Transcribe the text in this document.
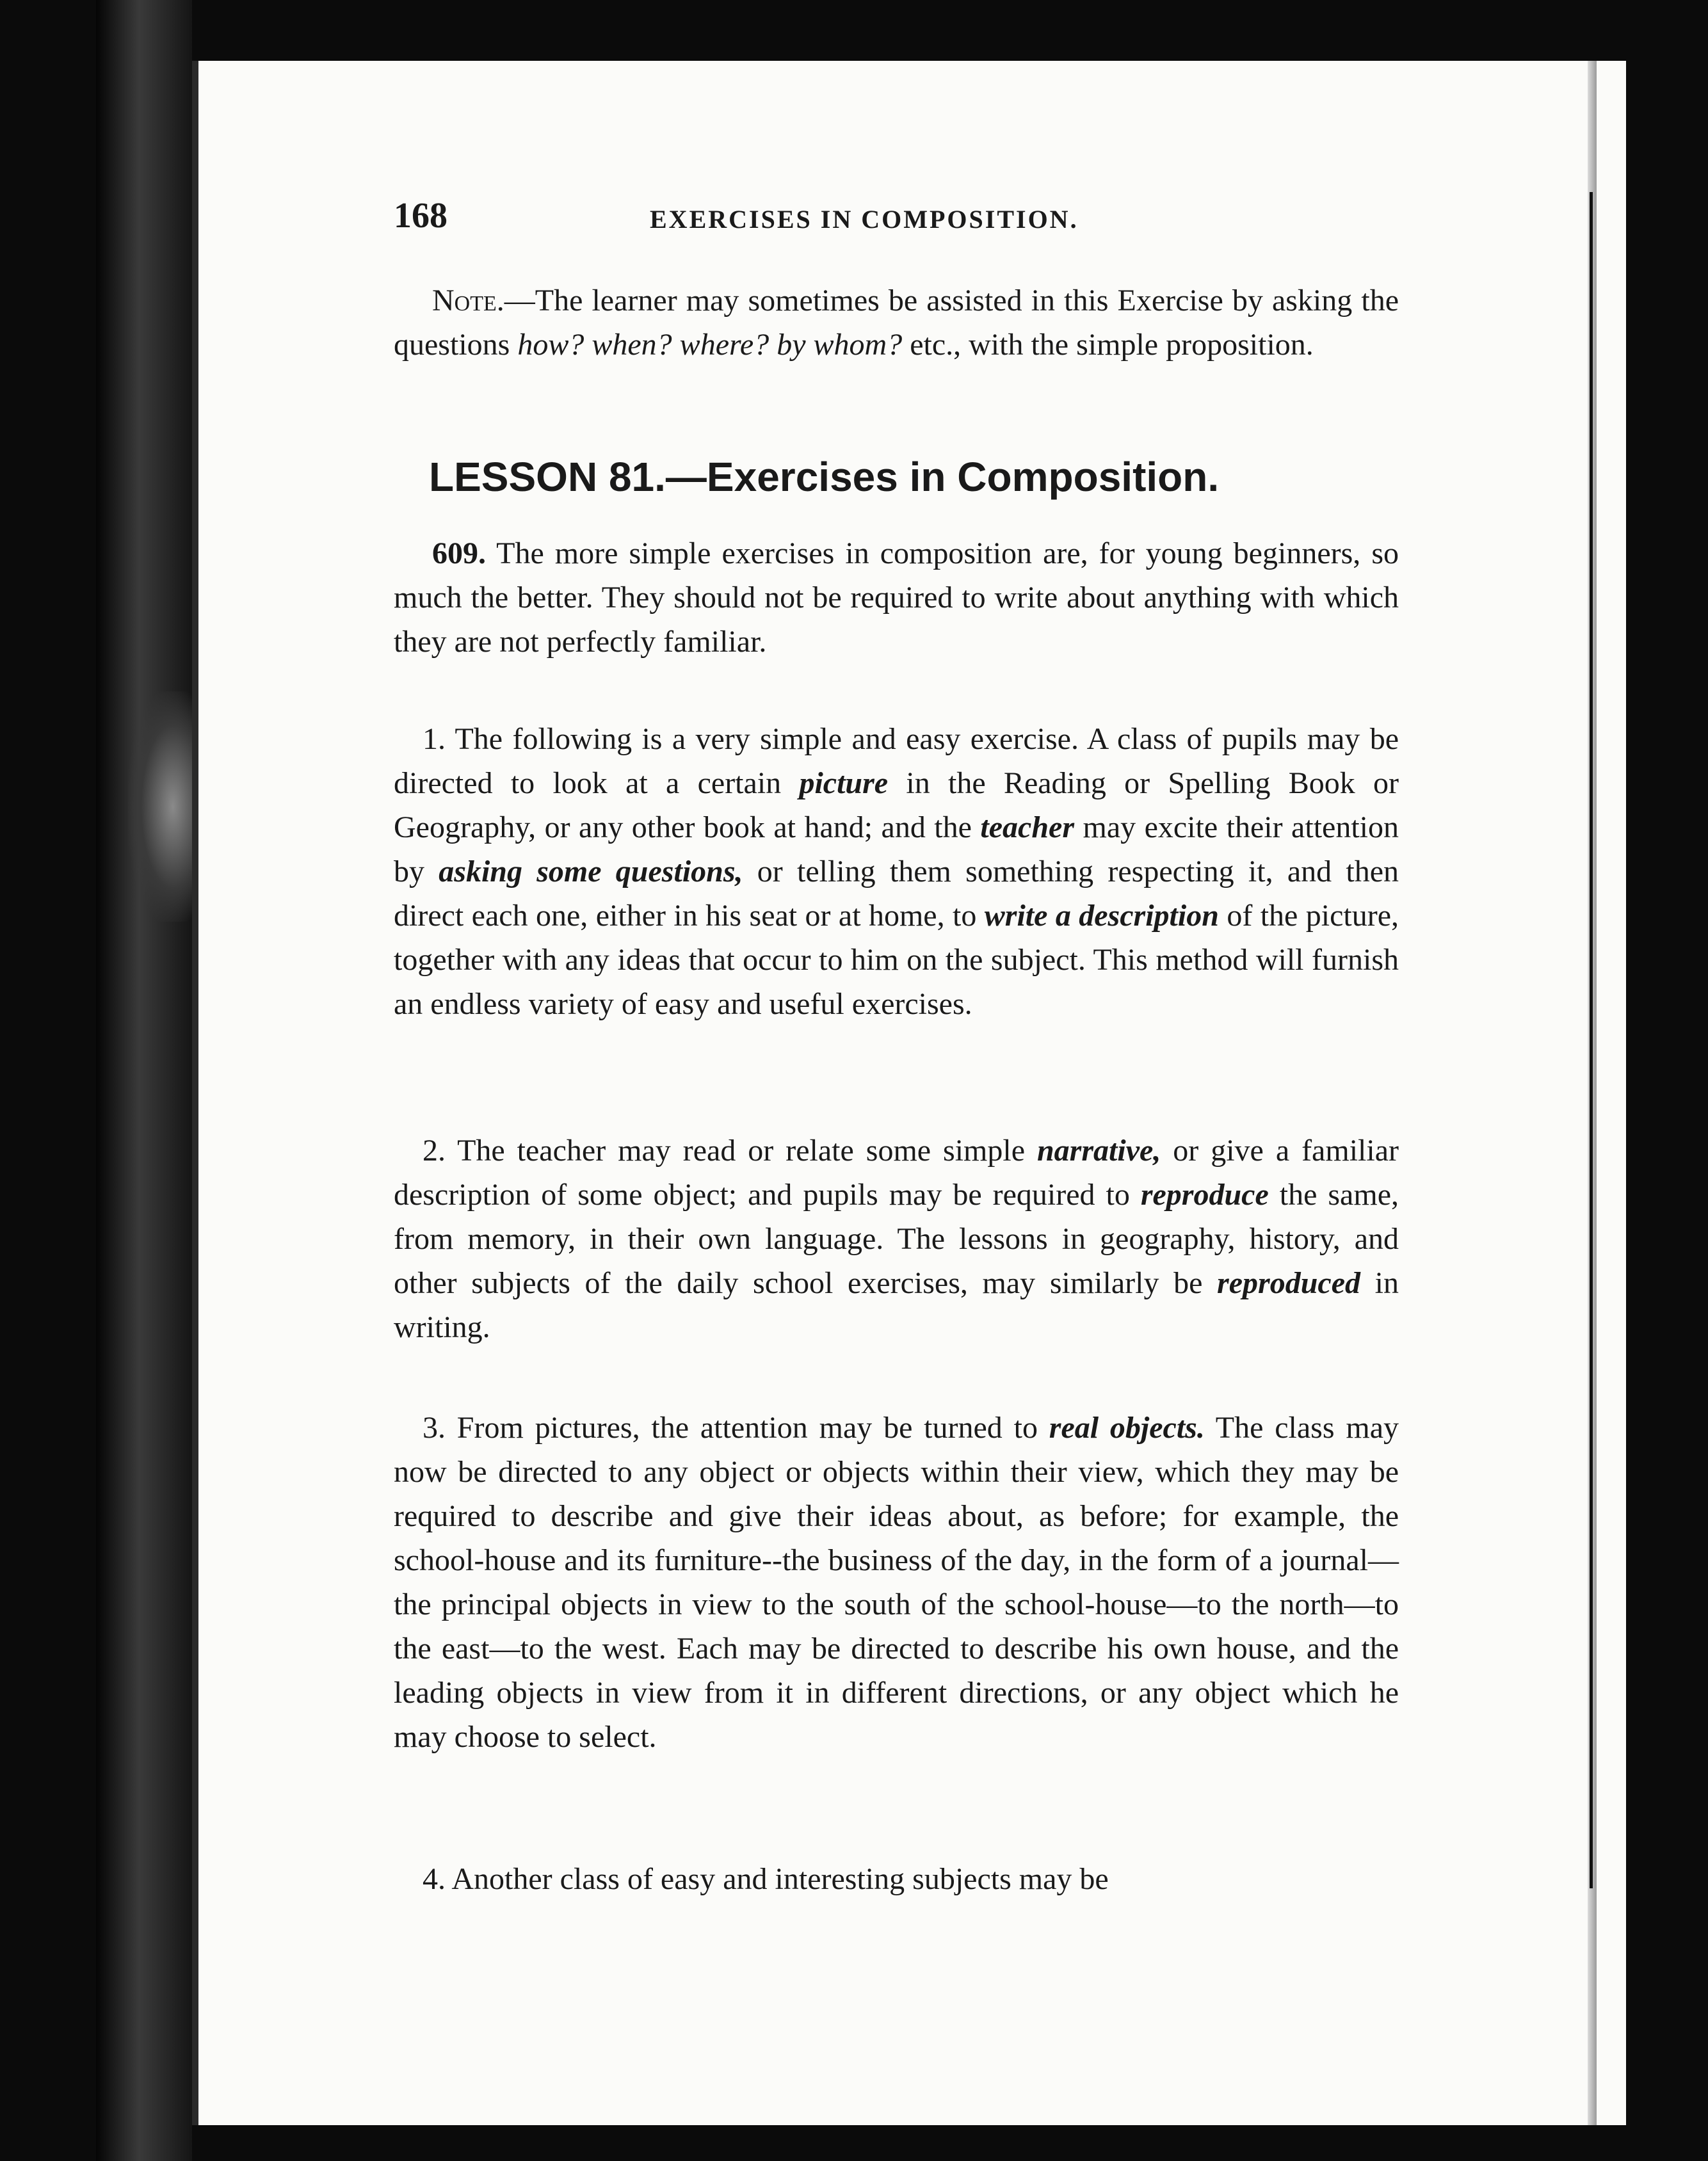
168	EXERCISES IN COMPOSITION.
Note.—The learner may sometimes be assisted in this Exercise by asking the questions how? when? where? by whom? etc., with the simple proposition.
LESSON 81.—Exercises in Composition.
609. The more simple exercises in composition are, for young beginners, so much the better. They should not be required to write about anything with which they are not perfectly familiar.
1. The following is a very simple and easy exercise. A class of pupils may be directed to look at a certain picture in the Reading or Spelling Book or Geography, or any other book at hand; and the teacher may excite their attention by asking some questions, or telling them something respecting it, and then direct each one, either in his seat or at home, to write a description of the picture, together with any ideas that occur to him on the subject. This method will furnish an endless variety of easy and useful exercises.
2. The teacher may read or relate some simple narrative, or give a familiar description of some object; and pupils may be required to reproduce the same, from memory, in their own language. The lessons in geography, history, and other subjects of the daily school exercises, may similarly be reproduced in writing.
3. From pictures, the attention may be turned to real objects. The class may now be directed to any object or objects within their view, which they may be required to describe and give their ideas about, as before; for example, the school-house and its furniture--the business of the day, in the form of a journal—the principal objects in view to the south of the school-house—to the north—to the east—to the west. Each may be directed to describe his own house, and the leading objects in view from it in different directions, or any object which he may choose to select.
4. Another class of easy and interesting subjects may be
